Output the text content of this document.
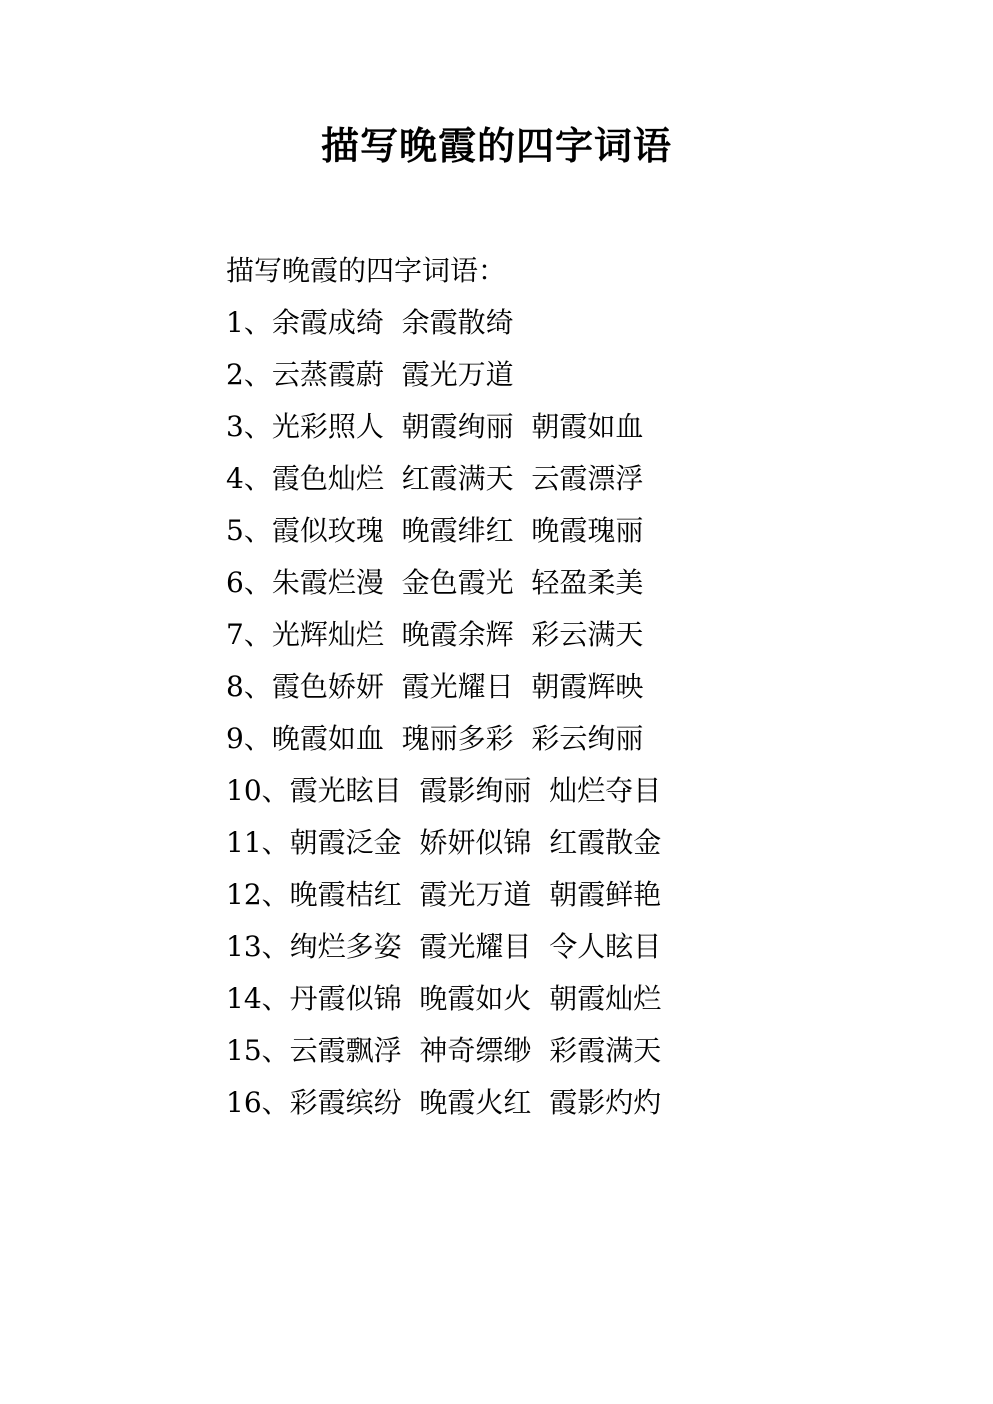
描写晚霞的四字词语

描写晚霞的四字词语：

1、余霞成绮  余霞散绮

2、云蒸霞蔚  霞光万道

3、光彩照人  朝霞绚丽  朝霞如血

4、霞色灿烂  红霞满天  云霞漂浮

5、霞似玫瑰  晚霞绯红  晚霞瑰丽

6、朱霞烂漫  金色霞光  轻盈柔美

7、光辉灿烂  晚霞余辉  彩云满天

8、霞色娇妍  霞光耀日  朝霞辉映

9、晚霞如血  瑰丽多彩  彩云绚丽

10、霞光眩目  霞影绚丽  灿烂夺目

11、朝霞泛金  娇妍似锦  红霞散金

12、晚霞桔红  霞光万道  朝霞鲜艳

13、绚烂多姿  霞光耀目  令人眩目

14、丹霞似锦  晚霞如火  朝霞灿烂

15、云霞飘浮  神奇缥缈  彩霞满天

16、彩霞缤纷  晚霞火红  霞影灼灼
